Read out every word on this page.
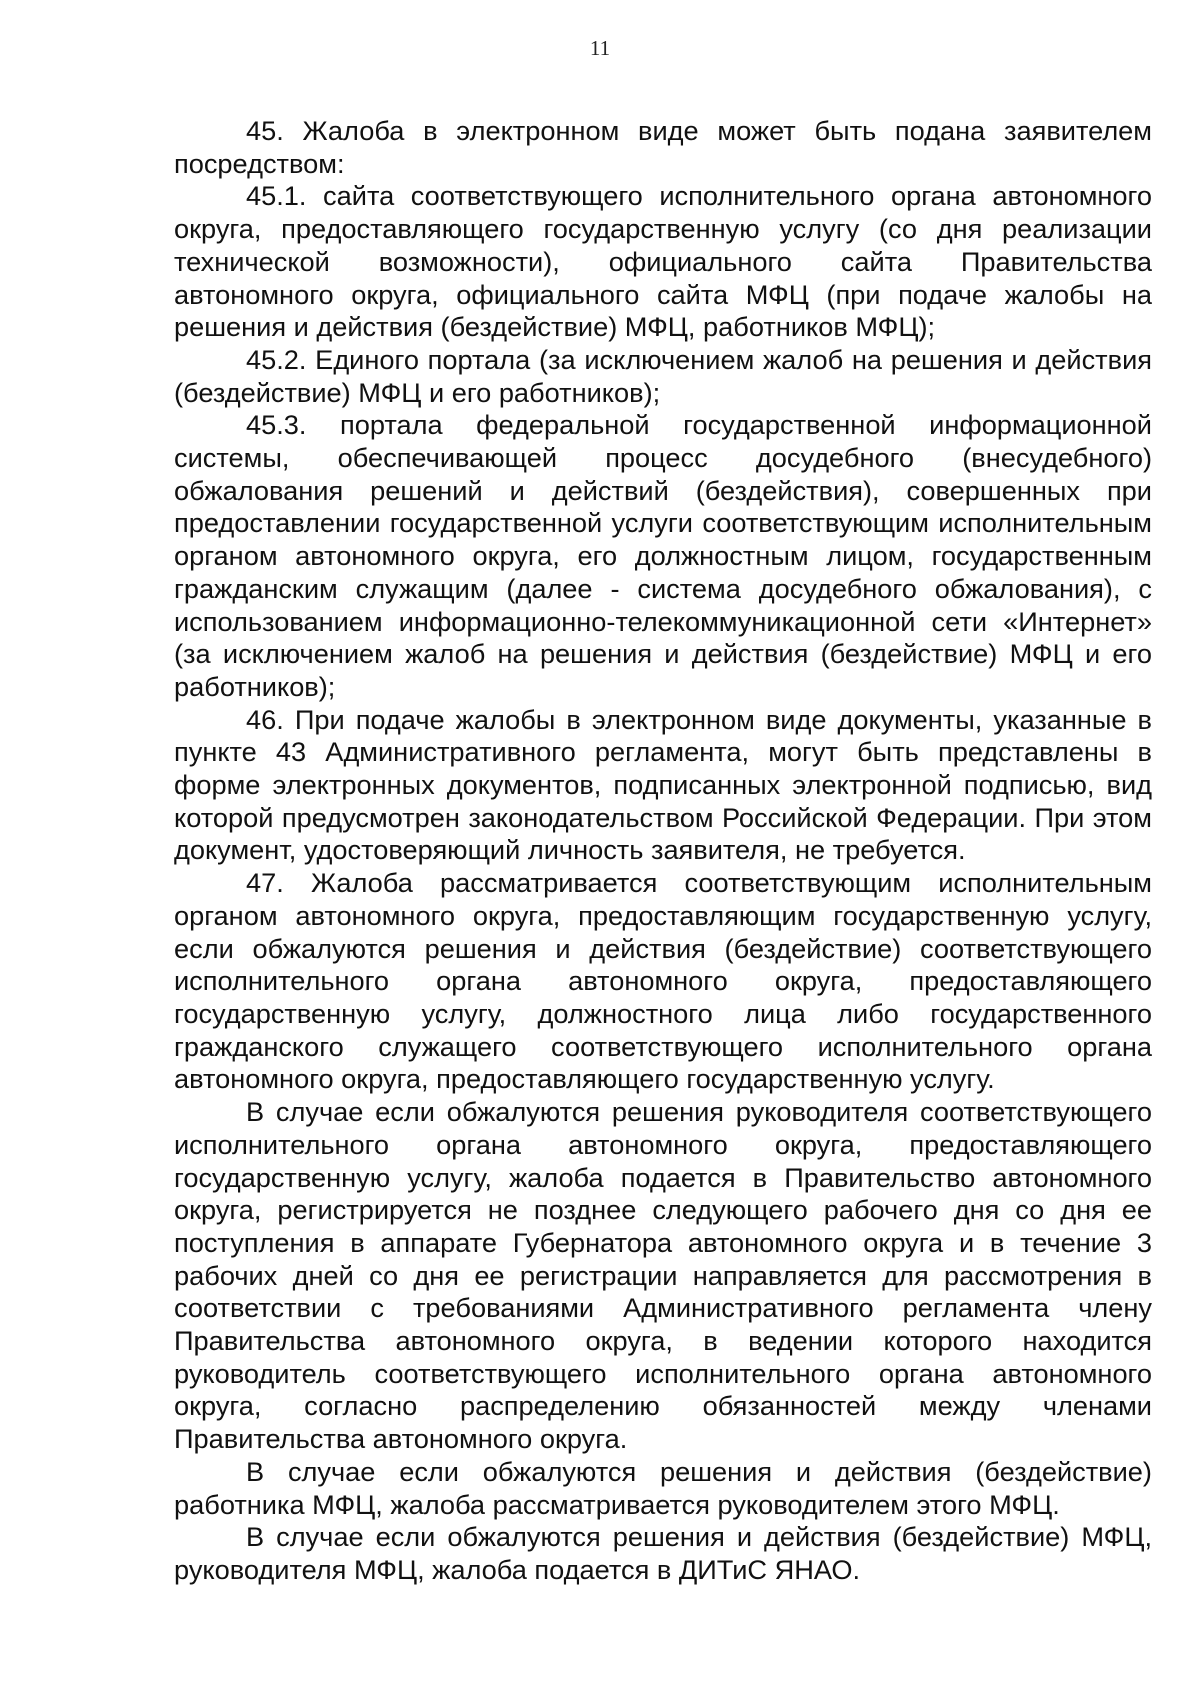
11

45. Жалоба в электронном виде может быть подана заявителем посредством:

45.1. сайта соответствующего исполнительного органа автономного округа, предоставляющего государственную услугу (со дня реализации технической возможности), официального сайта Правительства автономного округа, официального сайта МФЦ (при подаче жалобы на решения и действия (бездействие) МФЦ, работников МФЦ);

45.2. Единого портала (за исключением жалоб на решения и действия (бездействие) МФЦ и его работников);

45.3. портала федеральной государственной информационной системы, обеспечивающей процесс досудебного (внесудебного) обжалования решений и действий (бездействия), совершенных при предоставлении государственной услуги соответствующим исполнительным органом автономного округа, его должностным лицом, государственным гражданским служащим (далее - система досудебного обжалования), с использованием информационно-телекоммуникационной сети «Интернет» (за исключением жалоб на решения и действия (бездействие) МФЦ и его работников);

46. При подаче жалобы в электронном виде документы, указанные в пункте 43 Административного регламента, могут быть представлены в форме электронных документов, подписанных электронной подписью, вид которой предусмотрен законодательством Российской Федерации. При этом документ, удостоверяющий личность заявителя, не требуется.

47. Жалоба рассматривается соответствующим исполнительным органом автономного округа, предоставляющим государственную услугу, если обжалуются решения и действия (бездействие) соответствующего исполнительного органа автономного округа, предоставляющего государственную услугу, должностного лица либо государственного гражданского служащего соответствующего исполнительного органа автономного округа, предоставляющего государственную услугу.

В случае если обжалуются решения руководителя соответствующего исполнительного органа автономного округа, предоставляющего государственную услугу, жалоба подается в Правительство автономного округа, регистрируется не позднее следующего рабочего дня со дня ее поступления в аппарате Губернатора автономного округа и в течение 3 рабочих дней со дня ее регистрации направляется для рассмотрения в соответствии с требованиями Административного регламента члену Правительства автономного округа, в ведении которого находится руководитель соответствующего исполнительного органа автономного округа, согласно распределению обязанностей между членами Правительства автономного округа.

В случае если обжалуются решения и действия (бездействие) работника МФЦ, жалоба рассматривается руководителем этого МФЦ.

В случае если обжалуются решения и действия (бездействие) МФЦ, руководителя МФЦ, жалоба подается в ДИТиС ЯНАО.
